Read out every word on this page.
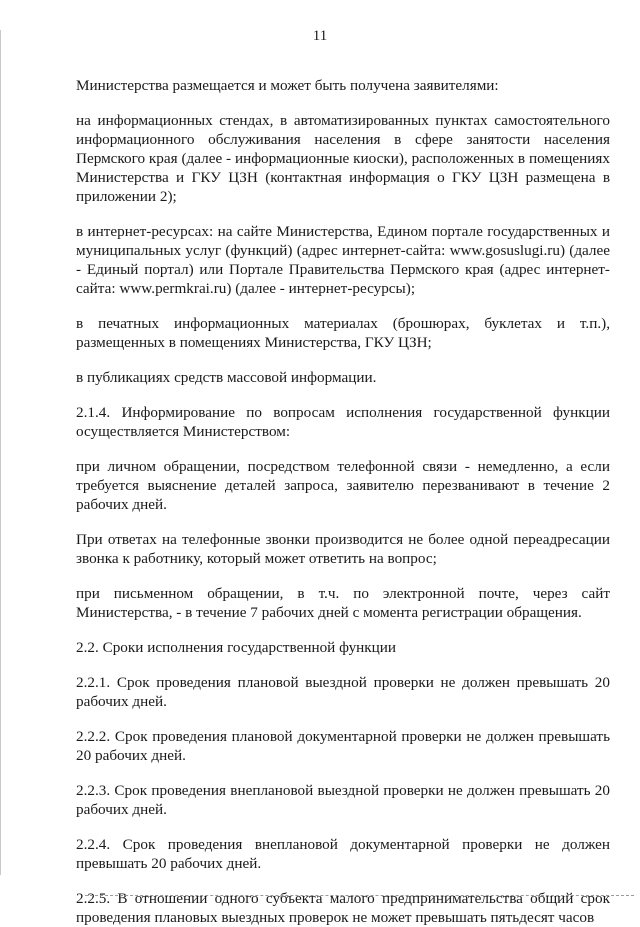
11

Министерства размещается и может быть получена заявителями:

на информационных стендах, в автоматизированных пунктах самостоятельного информационного обслуживания населения в сфере занятости населения Пермского края (далее - информационные киоски), расположенных в помещениях Министерства и ГКУ ЦЗН (контактная информация о ГКУ ЦЗН размещена в приложении 2);

в интернет-ресурсах: на сайте Министерства, Едином портале государственных и муниципальных услуг (функций) (адрес интернет-сайта: www.gosuslugi.ru) (далее - Единый портал) или Портале Правительства Пермского края (адрес интернет-сайта: www.permkrai.ru) (далее - интернет-ресурсы);

в печатных информационных материалах (брошюрах, буклетах и т.п.), размещенных в помещениях Министерства, ГКУ ЦЗН;

в публикациях средств массовой информации.

2.1.4. Информирование по вопросам исполнения государственной функции осуществляется Министерством:

при личном обращении, посредством телефонной связи - немедленно, а если требуется выяснение деталей запроса, заявителю перезванивают в течение 2 рабочих дней.

При ответах на телефонные звонки производится не более одной переадресации звонка к работнику, который может ответить на вопрос;

при письменном обращении, в т.ч. по электронной почте, через сайт Министерства, - в течение 7 рабочих дней с момента регистрации обращения.

2.2. Сроки исполнения государственной функции

2.2.1. Срок проведения плановой выездной проверки не должен превышать 20 рабочих дней.

2.2.2. Срок проведения плановой документарной проверки не должен превышать 20 рабочих дней.

2.2.3. Срок проведения внеплановой выездной проверки не должен превышать 20 рабочих дней.

2.2.4. Срок проведения внеплановой документарной проверки не должен превышать 20 рабочих дней.

2.2.5. В отношении одного субъекта малого предпринимательства общий срок проведения плановых выездных проверок не может превышать пятьдесят часов
